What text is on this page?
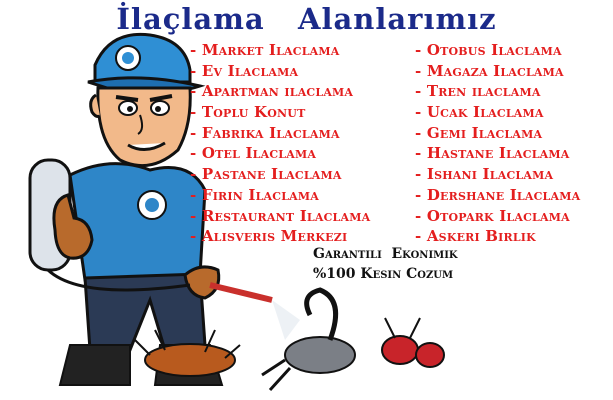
İlaçlama   Alanlarımız
- Market Ilaclama
- Ev Ilaclama
- Apartman ilaclama
- Toplu Konut
- Fabrika Ilaclama
- Otel Ilaclama
- Pastane Ilaclama
- Firin Ilaclama
- Restaurant Ilaclama
- Alisveris Merkezi
- Otobus Ilaclama
- Magaza Ilaclama
- Tren ilaclama
- Ucak Ilaclama
- Gemi Ilaclama
- Hastane Ilaclama
- Ishani Ilaclama
- Dershane Ilaclama
- Otopark Ilaclama
- Askeri Birlik
Garantili  Ekonimik
%100 Kesin Cozum
